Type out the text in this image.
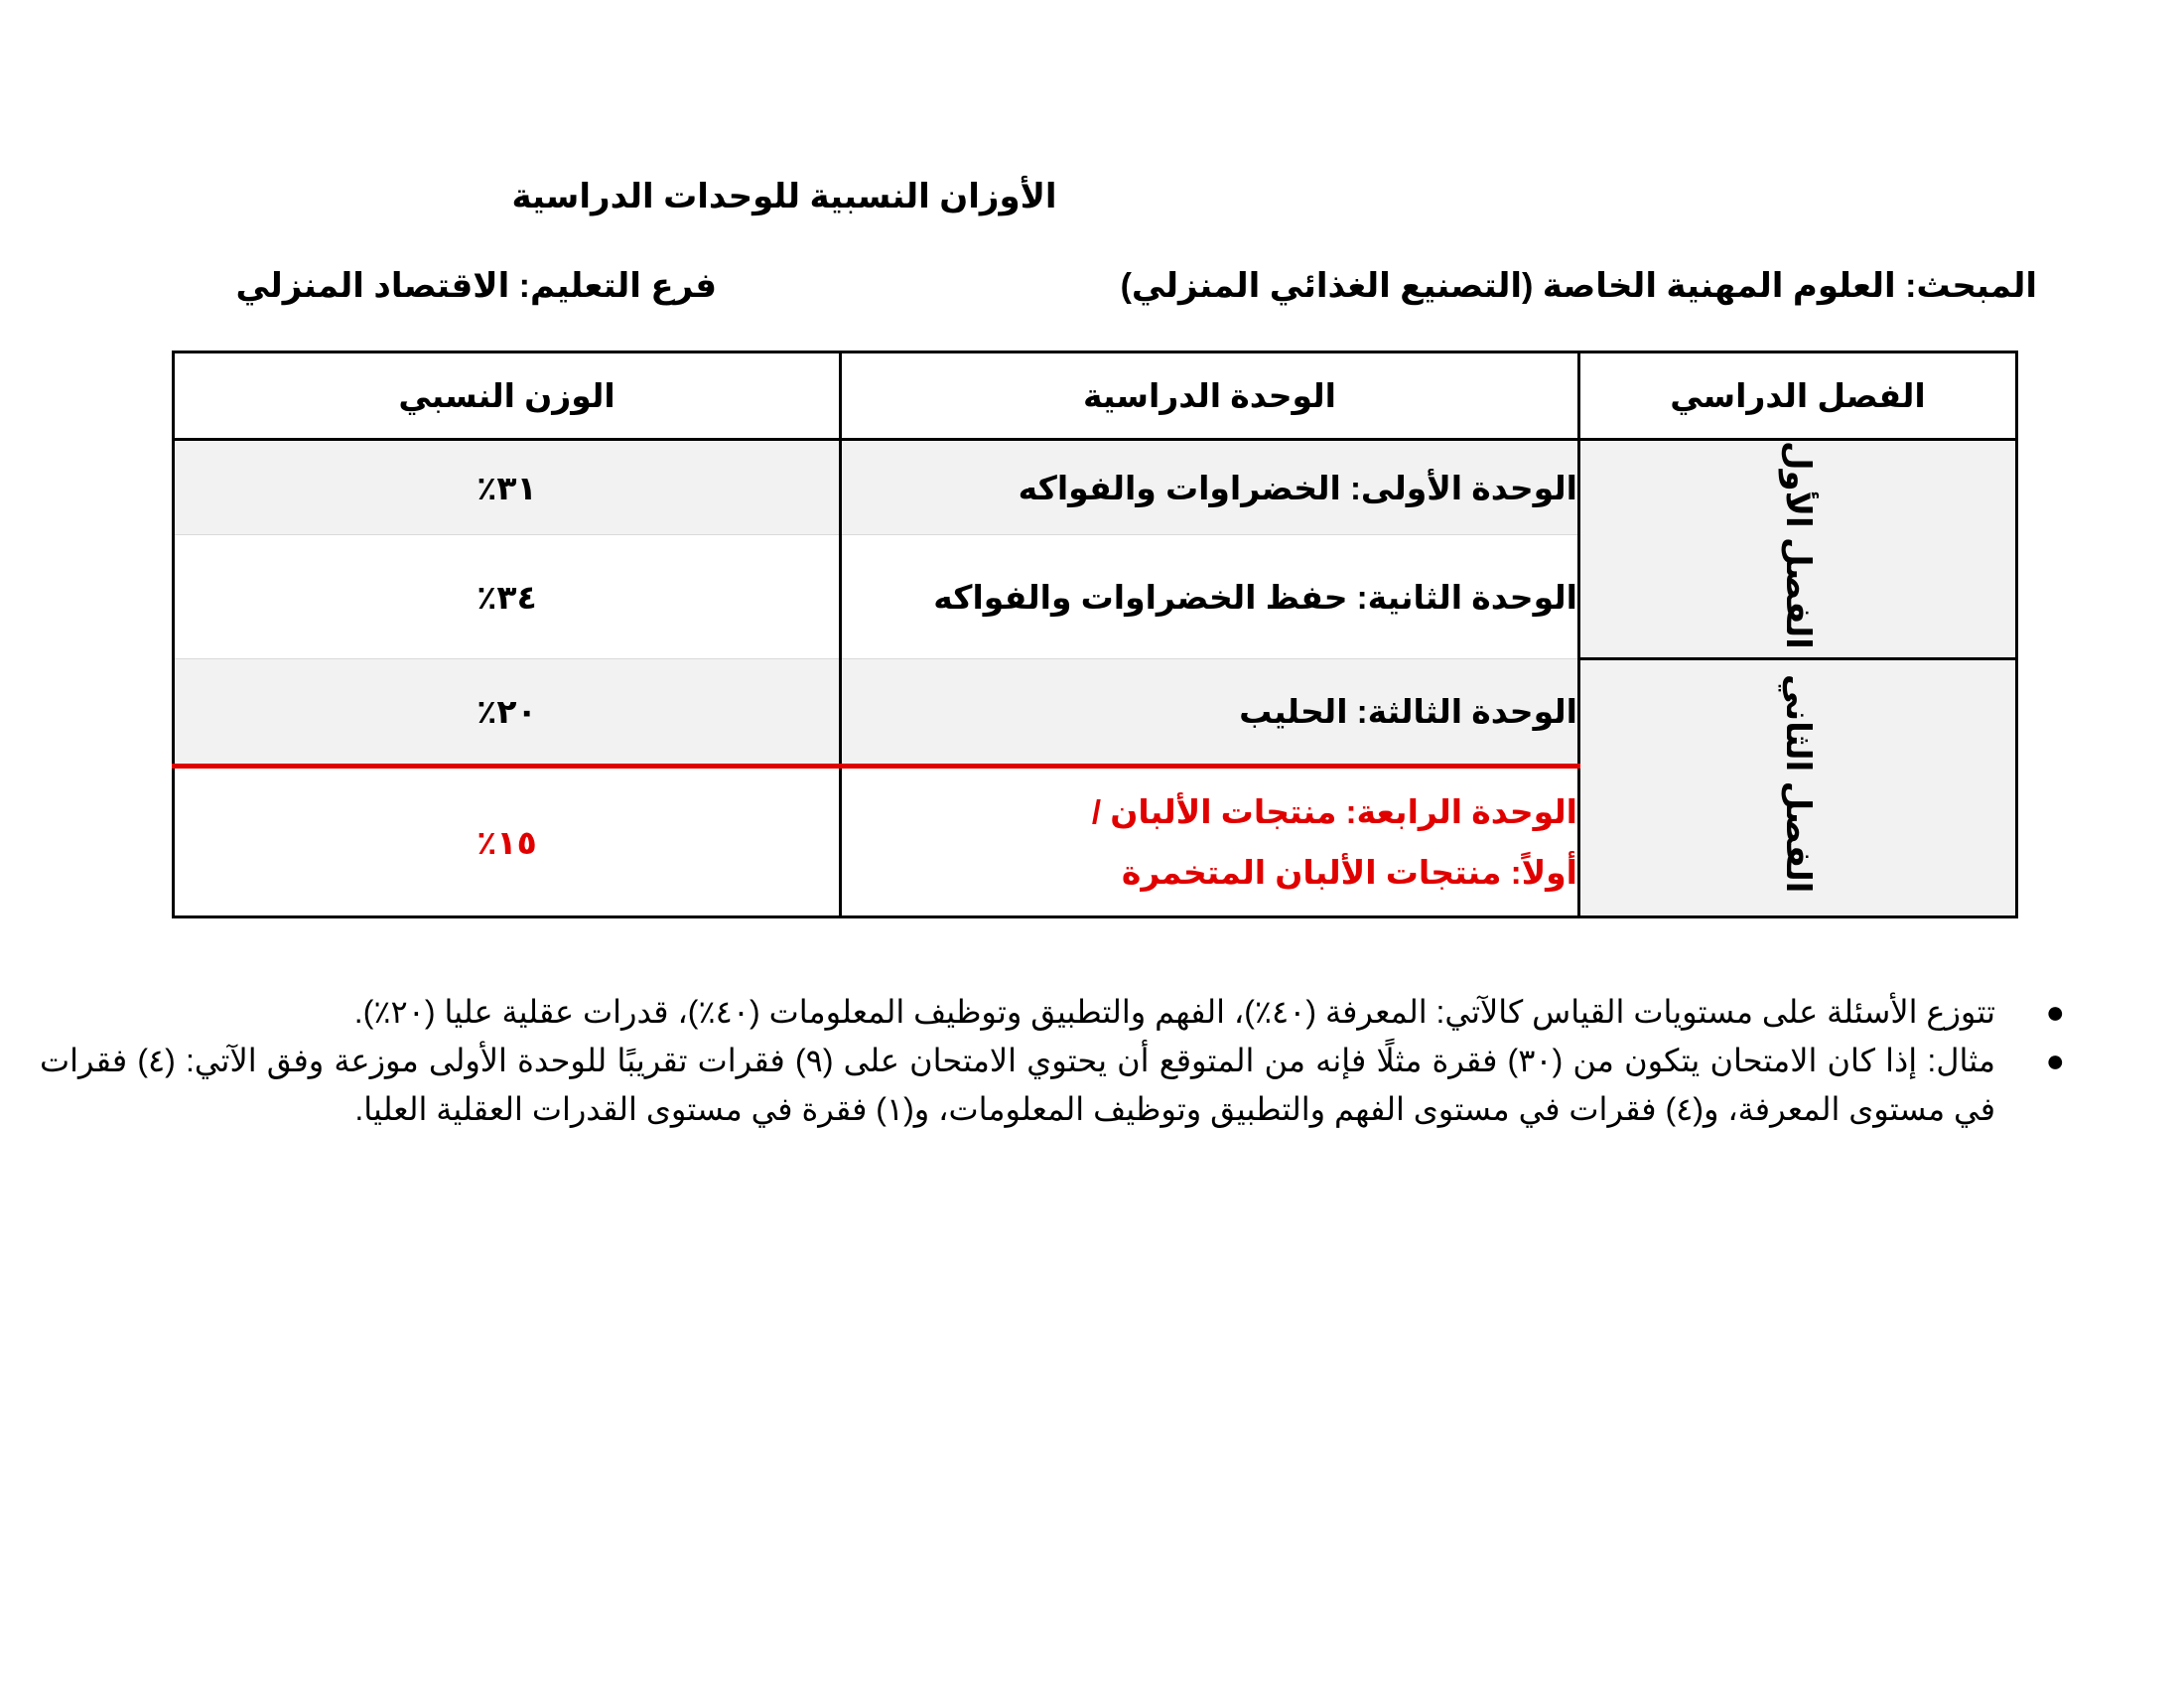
الأوزان النسبية للوحدات الدراسية
المبحث: العلوم المهنية الخاصة (التصنيع الغذائي المنزلي)
فرع التعليم: الاقتصاد المنزلي
الفصل الدراسي	الوحدة الدراسية	الوزن النسبي
الفصل الأول	الوحدة الأولى: الخضراوات والفواكه	٣١٪
	الوحدة الثانية: حفظ الخضراوات والفواكه	٣٤٪
الفصل الثاني	الوحدة الثالثة: الحليب	٢٠٪

	الوحدة الرابعة: منتجات الألبان /
أولاً: منتجات الألبان المتخمرة	١٥٪
●
تتوزع الأسئلة على مستويات القياس كالآتي: المعرفة (٤٠٪)، الفهم والتطبيق وتوظيف المعلومات (٤٠٪)، قدرات عقلية عليا (٢٠٪).
●
مثال: إذا كان الامتحان يتكون من (٣٠) فقرة مثلًا فإنه من المتوقع أن يحتوي الامتحان على (٩) فقرات تقريبًا للوحدة الأولى موزعة وفق الآتي: (٤) فقرات في مستوى المعرفة، و(٤) فقرات في مستوى الفهم والتطبيق وتوظيف المعلومات، و(١) فقرة في مستوى القدرات العقلية العليا.
